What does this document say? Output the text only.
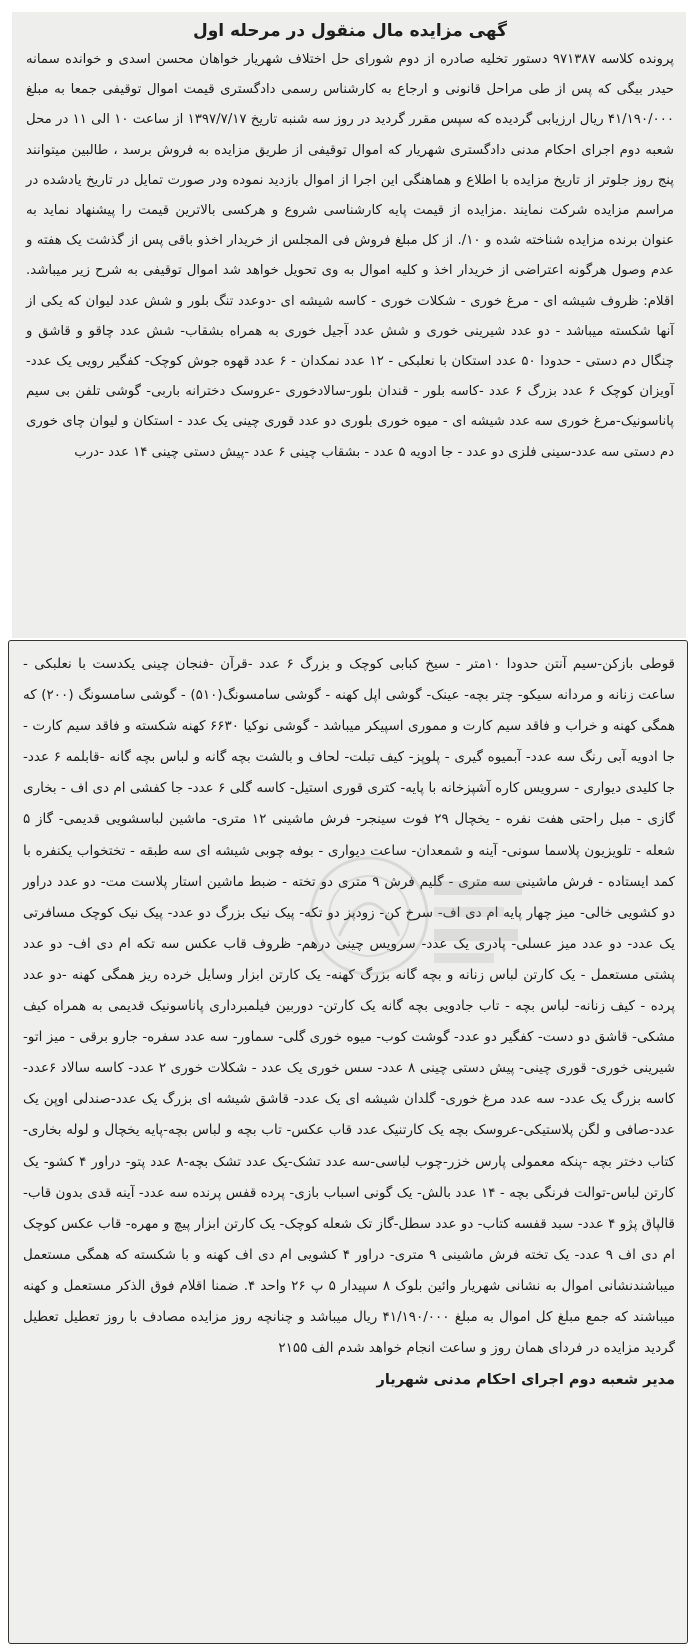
گهی مزایده مال منقول در مرحله اول

پرونده کلاسه ۹۷۱۳۸۷ دستور تخلیه صادره از دوم شورای حل اختلاف شهریار خواهان محسن اسدی و خوانده سمانه حیدر بیگی که پس از طی مراحل قانونی و ارجاع به کارشناس رسمی دادگستری قیمت اموال توقیفی جمعا به مبلغ ۴۱/۱۹۰/۰۰۰ ریال ارزیابی گردیده که سپس مقرر گردید در روز سه شنبه تاریخ ۱۳۹۷/۷/۱۷ از ساعت ۱۰ الی ۱۱ در محل شعبه دوم اجرای احکام مدنی دادگستری شهریار که اموال توقیفی از طریق مزایده به فروش برسد ، طالبین میتوانند پنج روز جلوتر از تاریخ مزایده با اطلاع و هماهنگی این اجرا از اموال بازدید نموده ودر صورت تمایل در تاریخ یادشده در مراسم مزایده شرکت نمایند .مزایده از قیمت پایه کارشناسی شروع و هرکسی بالاترین قیمت را پیشنهاد نماید به عنوان برنده مزایده شناخته شده و ۱۰/. از کل مبلغ فروش فی المجلس از خریدار اخذو باقی پس از گذشت یک هفته و عدم وصول هرگونه اعتراضی از خریدار اخذ و کلیه اموال به وی تحویل خواهد شد اموال توقیفی به شرح زیر میباشد. اقلام: ظروف شیشه ای - مرغ خوری - شکلات خوری - کاسه شیشه ای -دوعدد تنگ بلور و شش عدد لیوان که یکی از آنها شکسته میباشد - دو عدد شیرینی خوری و شش عدد آجیل خوری به همراه بشقاب- شش عدد چاقو و قاشق و چنگال دم دستی - حدودا ۵۰ عدد استکان با نعلبکی - ۱۲ عدد نمکدان - ۶ عدد قهوه جوش کوچک- کفگیر رویی یک عدد-آویزان کوچک ۶ عدد بزرگ ۶ عدد -کاسه بلور - قندان بلور-سالادخوری -عروسک دخترانه باربی- گوشی تلفن بی سیم پاناسونیک-مرغ خوری سه عدد شیشه ای - میوه خوری بلوری دو عدد قوری چینی یک عدد - استکان و لیوان چای خوری دم دستی سه عدد-سینی فلزی دو عدد - جا ادویه ۵ عدد - بشقاب چینی ۶ عدد -پیش دستی چینی ۱۴ عدد -درب

قوطی بازکن-سیم آنتن حدودا ۱۰متر - سیخ کبابی کوچک و بزرگ ۶ عدد -قرآن -فنجان چینی یکدست با نعلبکی - ساعت زنانه و مردانه سیکو- چتر بچه- عینک- گوشی اپل کهنه - گوشی سامسونگ(۵۱۰) - گوشی سامسونگ (۲۰۰) که همگی کهنه و خراب و فاقد سیم کارت و مموری اسپیکر میباشد - گوشی نوکیا ۶۶۳۰ کهنه شکسته و فاقد سیم کارت - جا ادویه آبی رنگ سه عدد- آبمیوه گیری - پلوپز- کیف تبلت- لحاف و بالشت بچه گانه و لباس بچه گانه -قابلمه ۶ عدد- جا کلیدی دیواری - سرویس کاره آشپزخانه با پایه- کتری قوری استیل- کاسه گلی ۶ عدد- جا کفشی ام دی اف - بخاری گازی - مبل راحتی هفت نفره - یخچال ۲۹ فوت سینجر- فرش ماشینی ۱۲ متری- ماشین لباسشویی قدیمی- گاز ۵ شعله - تلویزیون پلاسما سونی- آینه و شمعدان- ساعت دیواری - بوفه چوبی شیشه ای سه طبقه - تختخواب یکنفره با کمد ایستاده - فرش ماشینی سه متری - گلیم فرش ۹ متری دو تخته - ضبط ماشین استار پلاست مت- دو عدد دراور دو کشویی خالی- میز چهار پایه ام دی اف- سرخ کن- زودپز دو تکه- پیک نیک بزرگ دو عدد- پیک نیک کوچک مسافرتی یک عدد- دو عدد میز عسلی- پادری یک عدد- سرویس چینی درهم- ظروف قاب عکس سه تکه ام دی اف- دو عدد پشتی مستعمل - یک کارتن لباس زنانه و بچه گانه بزرگ کهنه- یک کارتن ابزار وسایل خرده ریز همگی کهنه -دو عدد پرده - کیف زنانه- لباس بچه - تاب جادویی بچه گانه یک کارتن- دوربین فیلمبرداری پاناسونیک قدیمی به همراه کیف مشکی- قاشق دو دست- کفگیر دو عدد- گوشت کوب- میوه خوری گلی- سماور- سه عدد سفره- جارو برقی - میز اتو- شیرینی خوری- قوری چینی- پیش دستی چینی ۸ عدد- سس خوری یک عدد - شکلات خوری ۲ عدد- کاسه سالاد ۶عدد- کاسه بزرگ یک عدد- سه عدد مرغ خوری- گلدان شیشه ای یک عدد- قاشق شیشه ای بزرگ یک عدد-صندلی اوپن یک عدد-صافی و لگن پلاستیکی-عروسک بچه یک کارتنیک عدد قاب عکس- تاب بچه و لباس بچه-پایه یخچال و لوله بخاری- کتاب دختر بچه -پنکه معمولی پارس خزر-چوب لباسی-سه عدد تشک-یک عدد تشک بچه-۸ عدد پتو- دراور ۴ کشو- یک کارتن لباس-توالت فرنگی بچه - ۱۴ عدد بالش- یک گونی اسباب بازی- پرده قفس پرنده سه عدد- آینه قدی بدون قاب- قالپاق پژو ۴ عدد- سبد قفسه کتاب- دو عدد سطل-گاز تک شعله کوچک- یک کارتن ابزار پیچ و مهره- قاب عکس کوچک ام دی اف ۹ عدد- یک تخته فرش ماشینی ۹ متری- دراور ۴ کشویی ام دی اف کهنه و با شکسته که همگی مستعمل میباشندنشانی اموال به نشانی شهریار وائین بلوک ۸ سپیدار ۵ پ ۲۶ واحد ۴. ضمنا اقلام فوق الذکر مستعمل و کهنه میباشند که جمع مبلغ کل اموال به مبلغ ۴۱/۱۹۰/۰۰۰ ریال میباشد و چنانچه روز مزایده مصادف با روز تعطیل تعطیل گردید مزایده در فردای همان روز و ساعت انجام خواهد شدم الف ۲۱۵۵

مدیر شعبه دوم اجرای احکام مدنی شهریار
